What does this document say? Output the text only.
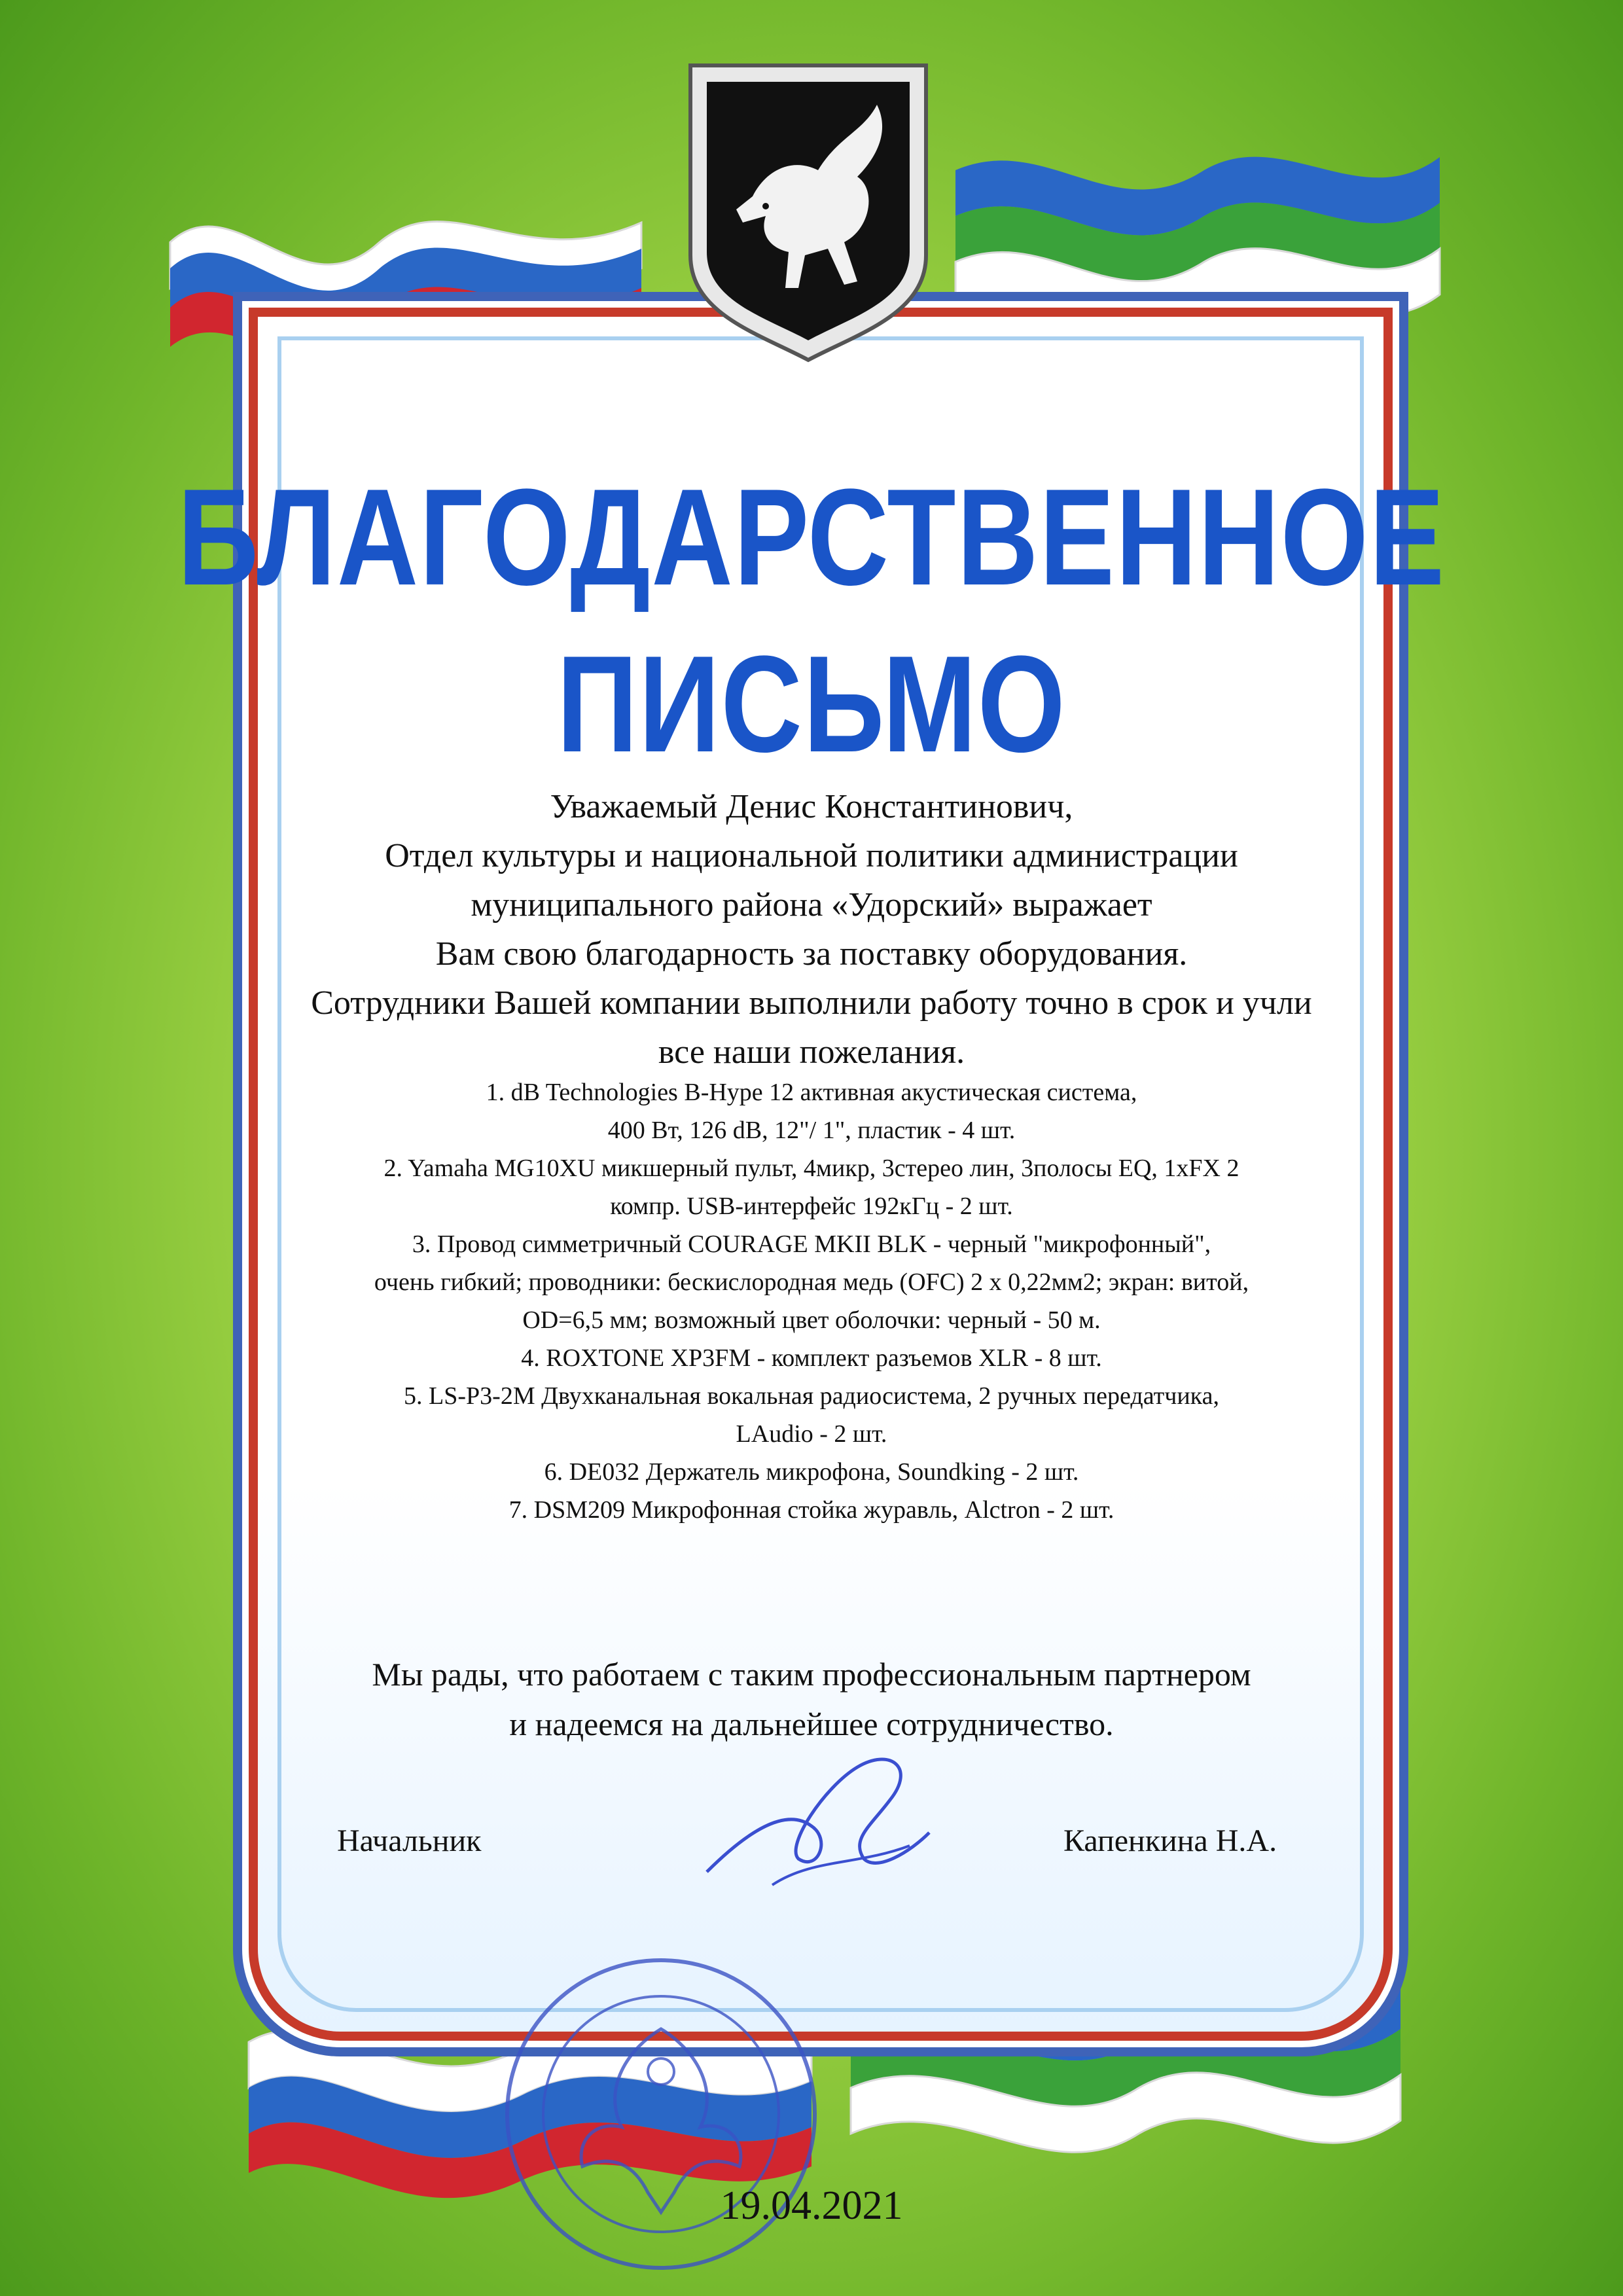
БЛАГОДАРСТВЕННОЕ
ПИСЬМО
Уважаемый Денис Константинович,
Отдел культуры и национальной политики администрации
муниципального района «Удорский» выражает
Вам свою благодарность за поставку оборудования.
Сотрудники Вашей компании выполнили работу точно в срок и учли
все наши пожелания.
1. dB Technologies B-Hype 12 активная акустическая система,
400 Вт, 126 dB, 12"/ 1", пластик - 4 шт.
2. Yamaha MG10XU микшерный пульт, 4микр, 3стерео лин, 3полосы EQ, 1xFX 2
компр. USB-интерфейс 192кГц - 2 шт.
3. Провод симметричный COURAGE MKII BLK - черный "микрофонный",
очень гибкий; проводники: бескислородная медь (OFC) 2 x 0,22мм2; экран: витой,
OD=6,5 мм; возможный цвет оболочки: черный - 50 м.
4. ROXTONE XP3FM - комплект разъемов XLR - 8 шт.
5. LS-P3-2M Двухканальная вокальная радиосистема, 2 ручных передатчика,
LAudio - 2 шт.
6. DE032 Держатель микрофона, Soundking - 2 шт.
7. DSM209 Микрофонная стойка журавль, Alctron - 2 шт.
Мы рады, что работаем с таким профессиональным партнером
и надеемся на дальнейшее сотрудничество.
Начальник	Капенкина Н.А.
19.04.2021
